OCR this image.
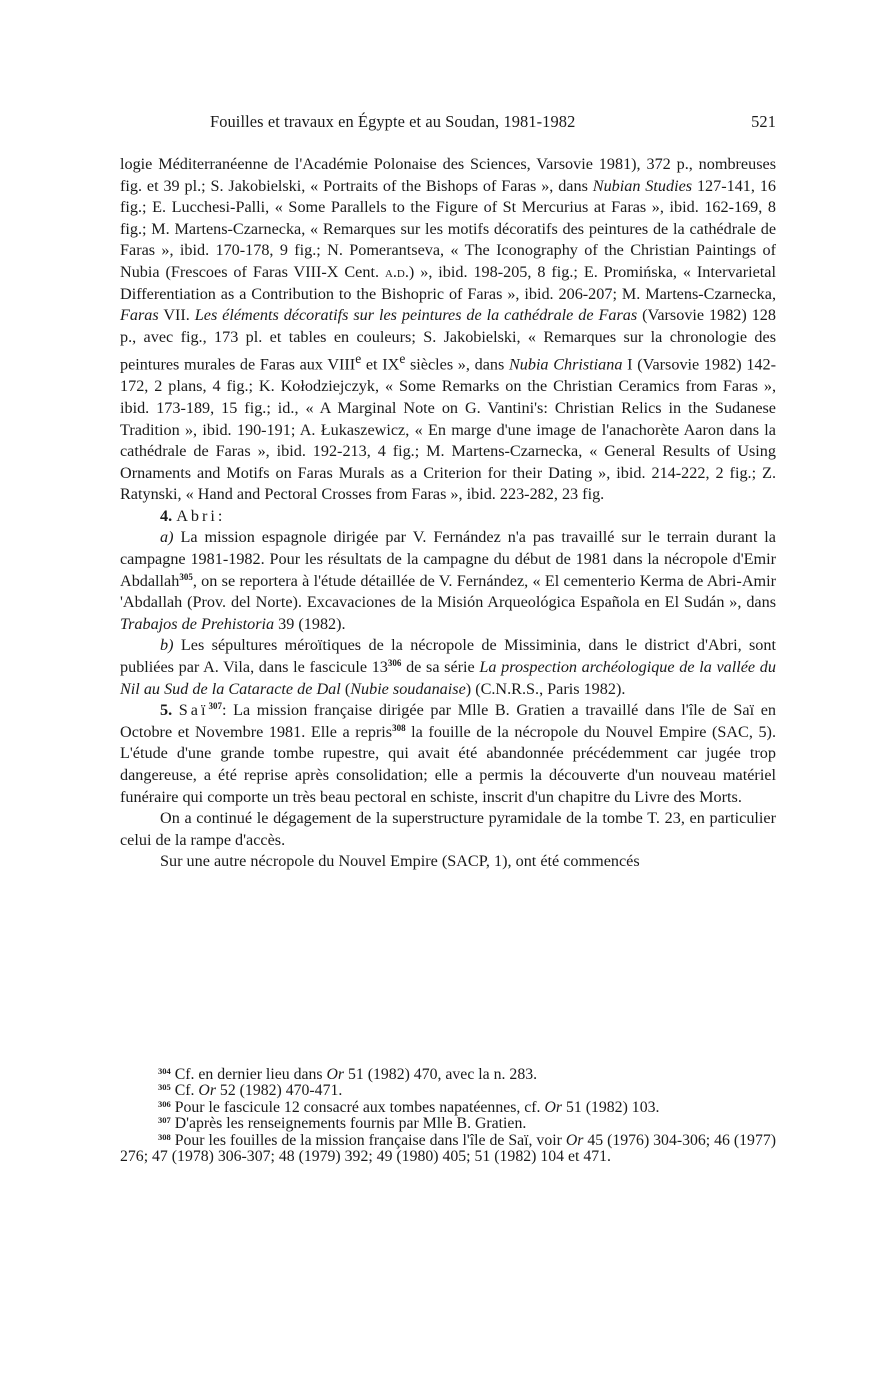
Fouilles et travaux en Égypte et au Soudan, 1981-1982	521

logie Méditerranéenne de l'Académie Polonaise des Sciences, Varsovie 1981), 372 p., nombreuses fig. et 39 pl.; S. Jakobielski, « Portraits of the Bishops of Faras », dans Nubian Studies 127-141, 16 fig.; E. Lucchesi-Palli, « Some Parallels to the Figure of St Mercurius at Faras », ibid. 162-169, 8 fig.; M. Martens-Czarnecka, « Remarques sur les motifs décoratifs des peintures de la cathédrale de Faras », ibid. 170-178, 9 fig.; N. Pomerantseva, « The Iconography of the Christian Paintings of Nubia (Frescoes of Faras VIII-X Cent. a.d.) », ibid. 198-205, 8 fig.; E. Promińska, « Intervarietal Differentiation as a Contribution to the Bishopric of Faras », ibid. 206-207; M. Martens-Czarnecka, Faras VII. Les éléments décoratifs sur les peintures de la cathédrale de Faras (Varsovie 1982) 128 p., avec fig., 173 pl. et tables en couleurs; S. Jakobielski, « Remarques sur la chronologie des peintures murales de Faras aux VIIIe et IXe siècles », dans Nubia Christiana I (Varsovie 1982) 142-172, 2 plans, 4 fig.; K. Kołodziejczyk, « Some Remarks on the Christian Ceramics from Faras », ibid. 173-189, 15 fig.; id., « A Marginal Note on G. Vantini's: Christian Relics in the Sudanese Tradition », ibid. 190-191; A. Łukaszewicz, « En marge d'une image de l'anachorète Aaron dans la cathédrale de Faras », ibid. 192-213, 4 fig.; M. Martens-Czarnecka, « General Results of Using Ornaments and Motifs on Faras Murals as a Criterion for their Dating », ibid. 214-222, 2 fig.; Z. Ratynski, « Hand and Pectoral Crosses from Faras », ibid. 223-282, 23 fig.

4. Abri:

a) La mission espagnole dirigée par V. Fernández n'a pas travaillé sur le terrain durant la campagne 1981-1982. Pour les résultats de la campagne du début de 1981 dans la nécropole d'Emir Abdallah$^{305}$, on se reportera à l'étude détaillée de V. Fernández, « El cementerio Kerma de Abri-Amir 'Abdallah (Prov. del Norte). Excavaciones de la Misión Arqueológica Española en El Sudán », dans Trabajos de Prehistoria 39 (1982).

b) Les sépultures méroïtiques de la nécropole de Missiminia, dans le district d'Abri, sont publiées par A. Vila, dans le fascicule 13$^{306}$ de sa série La prospection archéologique de la vallée du Nil au Sud de la Cataracte de Dal (Nubie soudanaise) (C.N.R.S., Paris 1982).

5. Saï$^{307}$: La mission française dirigée par Mlle B. Gratien a travaillé dans l'île de Saï en Octobre et Novembre 1981. Elle a repris$^{308}$ la fouille de la nécropole du Nouvel Empire (SAC, 5). L'étude d'une grande tombe rupestre, qui avait été abandonnée précédemment car jugée trop dangereuse, a été reprise après consolidation; elle a permis la découverte d'un nouveau matériel funéraire qui comporte un très beau pectoral en schiste, inscrit d'un chapitre du Livre des Morts.

On a continué le dégagement de la superstructure pyramidale de la tombe T. 23, en particulier celui de la rampe d'accès.

Sur une autre nécropole du Nouvel Empire (SACP, 1), ont été commencés

$^{304}$ Cf. en dernier lieu dans Or 51 (1982) 470, avec la n. 283.

$^{305}$ Cf. Or 52 (1982) 470-471.

$^{306}$ Pour le fascicule 12 consacré aux tombes napatéennes, cf. Or 51 (1982) 103.

$^{307}$ D'après les renseignements fournis par Mlle B. Gratien.

$^{308}$ Pour les fouilles de la mission française dans l'île de Saï, voir Or 45 (1976) 304-306; 46 (1977) 276; 47 (1978) 306-307; 48 (1979) 392; 49 (1980) 405; 51 (1982) 104 et 471.
